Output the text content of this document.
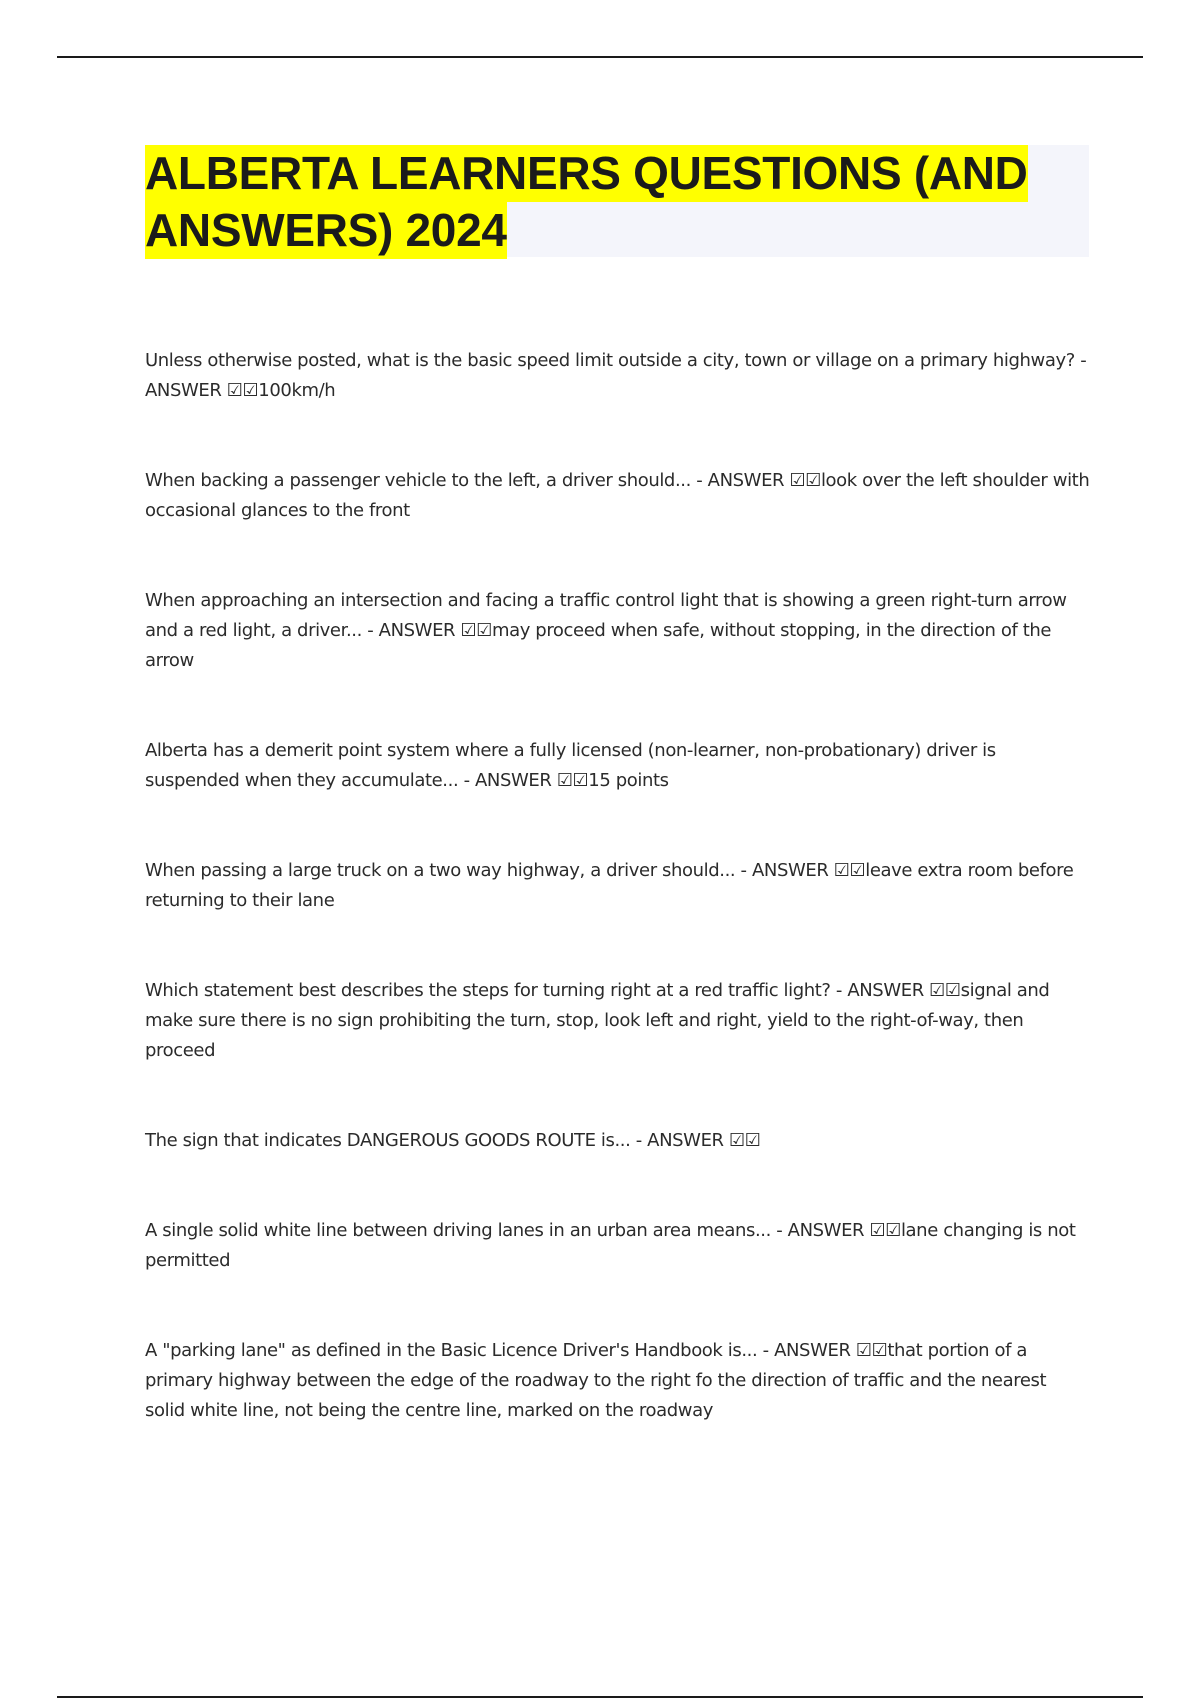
ALBERTA LEARNERS QUESTIONS (AND ANSWERS) 2024
Unless otherwise posted, what is the basic speed limit outside a city, town or village on a primary highway? - ANSWER ☑☑100km/h
When backing a passenger vehicle to the left, a driver should... - ANSWER ☑☑look over the left shoulder with occasional glances to the front
When approaching an intersection and facing a traffic control light that is showing a green right-turn arrow and a red light, a driver... - ANSWER ☑☑may proceed when safe, without stopping, in the direction of the arrow
Alberta has a demerit point system where a fully licensed (non-learner, non-probationary) driver is suspended when they accumulate... - ANSWER ☑☑15 points
When passing a large truck on a two way highway, a driver should... - ANSWER ☑☑leave extra room before returning to their lane
Which statement best describes the steps for turning right at a red traffic light? - ANSWER ☑☑signal and make sure there is no sign prohibiting the turn, stop, look left and right, yield to the right-of-way, then proceed
The sign that indicates DANGEROUS GOODS ROUTE is... - ANSWER ☑☑
A single solid white line between driving lanes in an urban area means... - ANSWER ☑☑lane changing is not permitted
A "parking lane" as defined in the Basic Licence Driver's Handbook is... - ANSWER ☑☑that portion of a primary highway between the edge of the roadway to the right fo the direction of traffic and the nearest solid white line, not being the centre line, marked on the roadway
